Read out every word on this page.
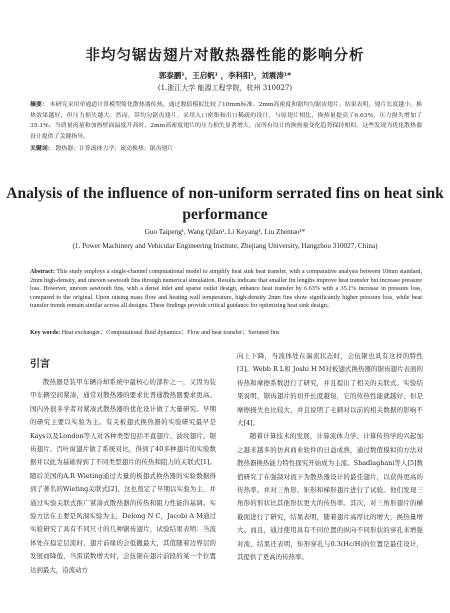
非均匀锯齿翅片对散热器性能的影响分析
郭泰鹏¹，王启帆¹ ，李科阳¹，刘震涛¹*
(1.浙江大学 能源工程学院，杭州 310027)
摘要： 本研究采用单通道计算模型简化散热器传热，通过数值模拟比较了10mm标准、2mm高密度和锯均匀锯齿翅片。结果表明，翅片长度越小，换热效果越好，但压力损失越大。然而，带均匀锯齿翅片，采用入口密集和出口稀疏的设计，与原翅片相比，换热量提高了6.63%，压力损失增加了35.1%。当质量流量和加热壁面温度升高时，2mm高密度翅片的压力损失显著增大，而所有设计的换热量变化趋势保持相似。这些发现为优化散热器设计提供了关键指导。
关键词： 散热器；计算流体力学；流动换热；锯齿翅片
Analysis of the influence of non-uniform serrated fins on heat sink performance
Guo Taipeng¹, Wang Qifan¹, Li Keyang¹, Liu Zhentao¹*
(1. Power Machinery and Vehicular Engineering Institute, Zhejiang University, Hangzhou 310027, China)
Abstract: This study employs a single-channel computational model to simplify heat sink heat transfer, with a comparative analysis between 10mm standard, 2mm high-density, and uneven sawtooth fins through numerical simulation. Results indicate that smaller fin lengths improve heat transfer but increase pressure loss. However, uneven sawtooth fins, with a dense inlet and sparse outlet design, enhance heat transfer by 6.63% with a 35.1% increase in pressure loss, compared to the original. Upon raising mass flow and heating wall temperature, high-density 2mm fins show significantly higher pressure loss, while heat transfer trends remain similar across all designs. These findings provide critical guidance for optimizing heat sink design。
Key words: Heat exchanger；Computational fluid dynamics；Flow and heat transfer；Serrated fins
引言

散热器是装甲车辆冷却系统中最核心的部件之一，又因为装甲车辆空间紧凑，通常对散热器的要求比普通散热器要求更高。国内外很多学者对紧凑式散热器的优化设计做了大量研究。早期的研究主要以实验为主。有关板翅式换热器的实验研究最早是Kays以及London等人对各种类型包括平直翅片、波纹翅片、锯齿翅片、百叶窗翅片做了系统对比，得到了40多种翅片的实验数据并以此为基础得到了不同类型翅片的传热和阻力的关联式[1]。随后美国的A.R Wieting通过大量的板翅式换热器的实验数据得到了著名的Wieting关联式[2]，这也奠定了早期以实验为主，并通过实验关联式推广紧凑式散热器的传热和阻力性能的基调。实验方法在主要是风洞实验为主，Delong N C，Jacobi A M通过实验研究了具有不同尺寸的几种锯齿翅片，试验结果表明：当流体处在稳定层流时，翅片前缘的会低撤最大，其值随着边界层的发展而降低，当雷诺数增大时，会伍锯在翅片前段的某一个位置达到最大，沿流动方

向上下降，当流体处在湍流状态时，会伍锯也具有这样的特性[3]。Webb R L和 Joshi H M对板翅式换热器的锯齿翅片表面的传热和摩擦系数进行了研究，并且提出了相关的关联式。实验结果说明，锯齿翅片的切开长度越短，它的传热性能就越好，但是摩擦损失也比较大，并且说明了毛刺对以前的相关数据的影响不大[4]。

随着计算技术的发展，计算流体力学、计算传热学的兴起加之越来越多的仿真商业软件的日益成熟，通过数值模拟的方法对散热器换热能力特性探究开始成为主流。Shadlaghani等人[5]数值研究了在强制对流下为散热器设计的最佳翅片，以获得更高的传热率。并对三角形、矩形和梯形翅片进行了试验。他们发现三角形的形状比其他形状更大的传热率。其次，对三角形翅片的横截面进行了研究，结果表明，随着翅片高厚比的增大，换热量增大。而且，通过使用具有不同位置的纵向不同形状的穿孔来增强对流，结果还表明，矩形穿孔与0.3(Hc/H)的位置是最佳设计，其提供了更高的传热率。
